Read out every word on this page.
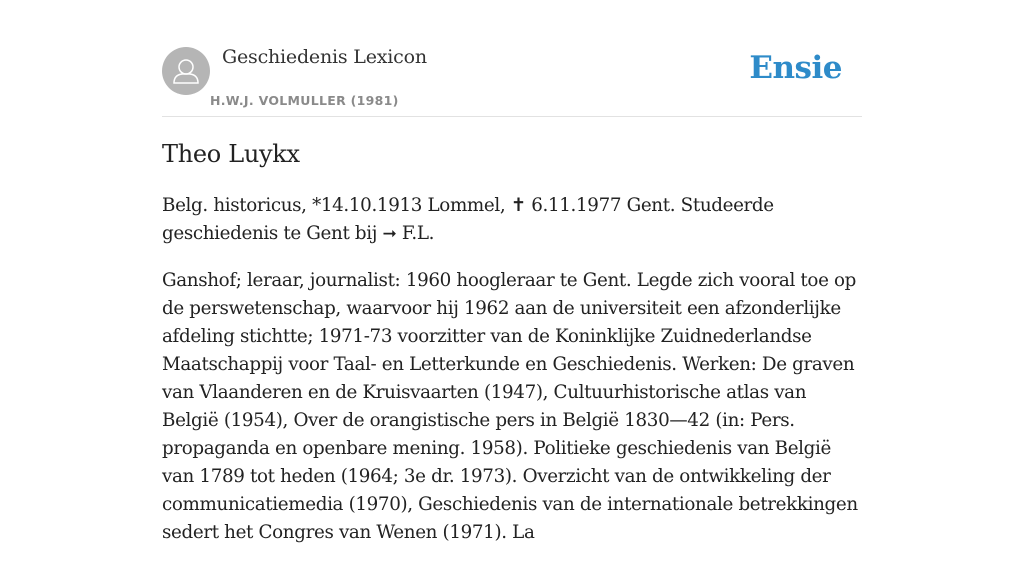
Geschiedenis Lexicon
H.W.J. VOLMULLER (1981)
Ensie
Theo Luykx

Belg. historicus, *14.10.1913 Lommel, ✝ 6.11.1977 Gent. Studeerde geschiedenis te Gent bij ➞ F.L.

Ganshof; leraar, journalist: 1960 hoogleraar te Gent. Legde zich vooral toe op de perswetenschap, waarvoor hij 1962 aan de universiteit een afzonderlijke afdeling stichtte; 1971-73 voorzitter van de Koninklijke Zuidnederlandse Maatschappij voor Taal- en Letterkunde en Geschiedenis. Werken: De graven van Vlaanderen en de Kruisvaarten (1947), Cultuurhistorische atlas van België (1954), Over de orangistische pers in België 1830—42 (in: Pers. propaganda en openbare mening. 1958). Politieke geschiedenis van België van 1789 tot heden (1964; 3e dr. 1973). Overzicht van de ontwikkeling der communicatiemedia (1970), Geschiedenis van de internationale betrekkingen sedert het Congres van Wenen (1971). La
